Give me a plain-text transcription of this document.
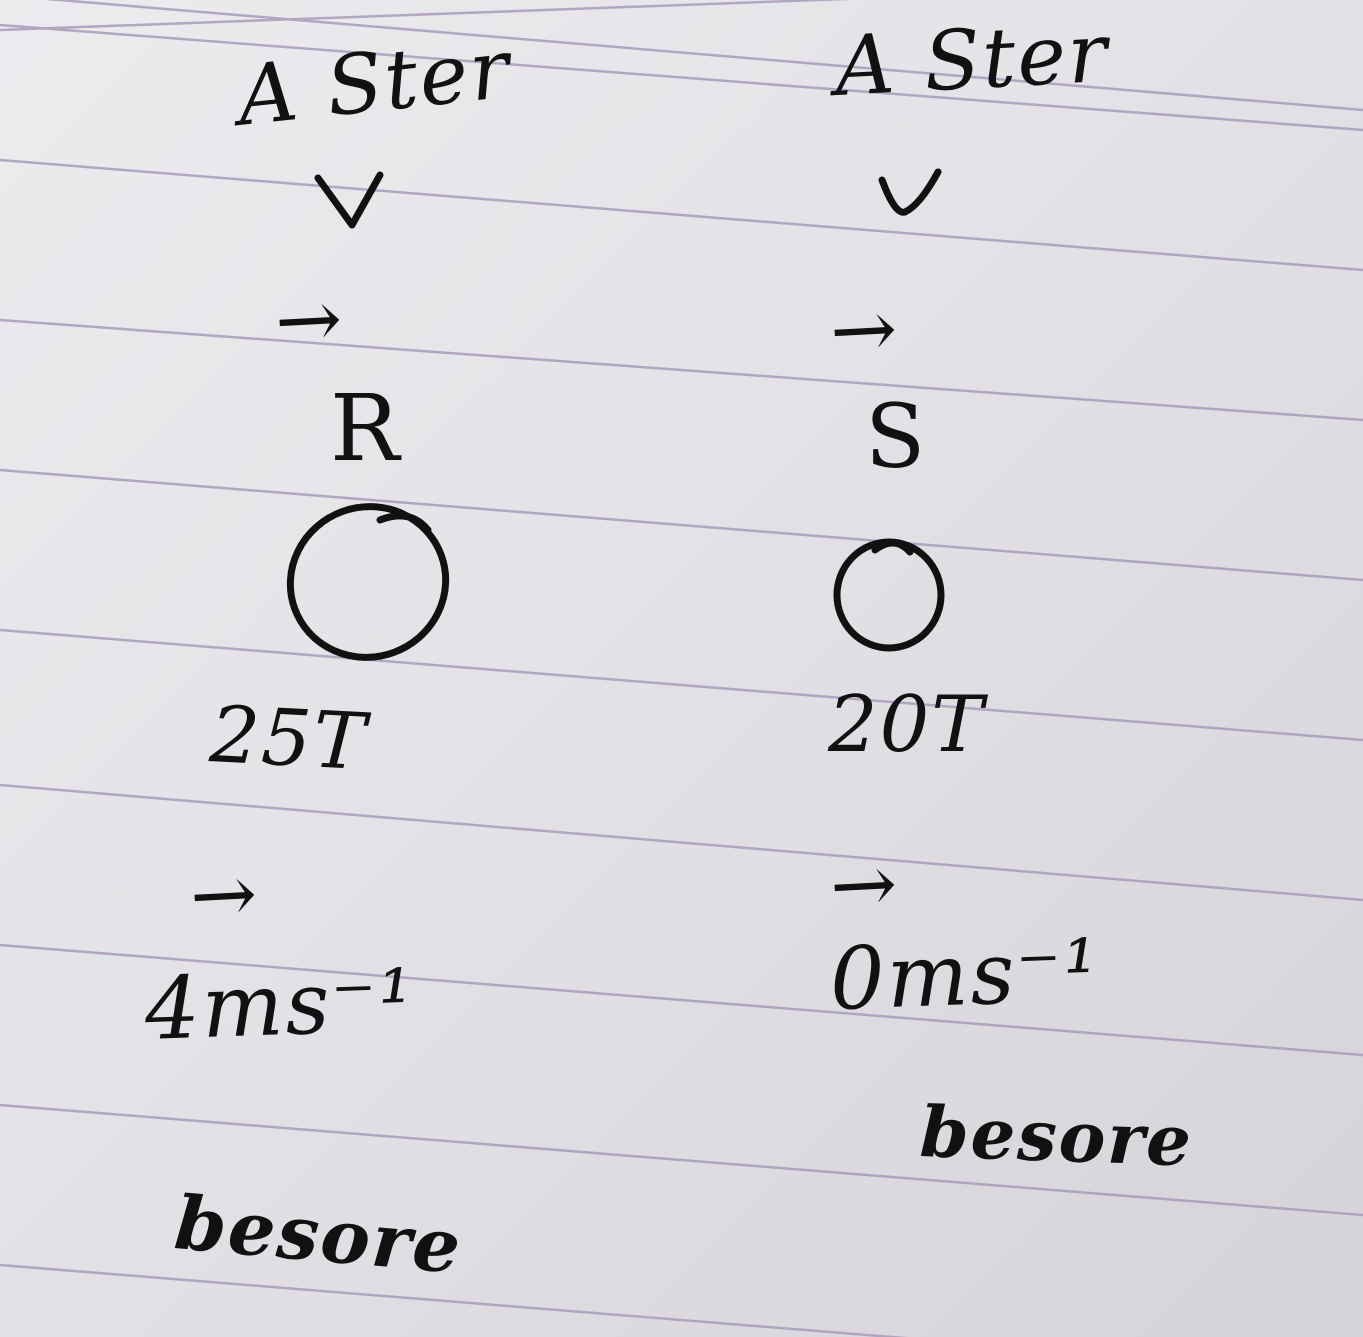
A Ster
→
R
25T
→
4ms⁻¹
besore
A Ster
→
S
20T
→
0ms⁻¹
besore
